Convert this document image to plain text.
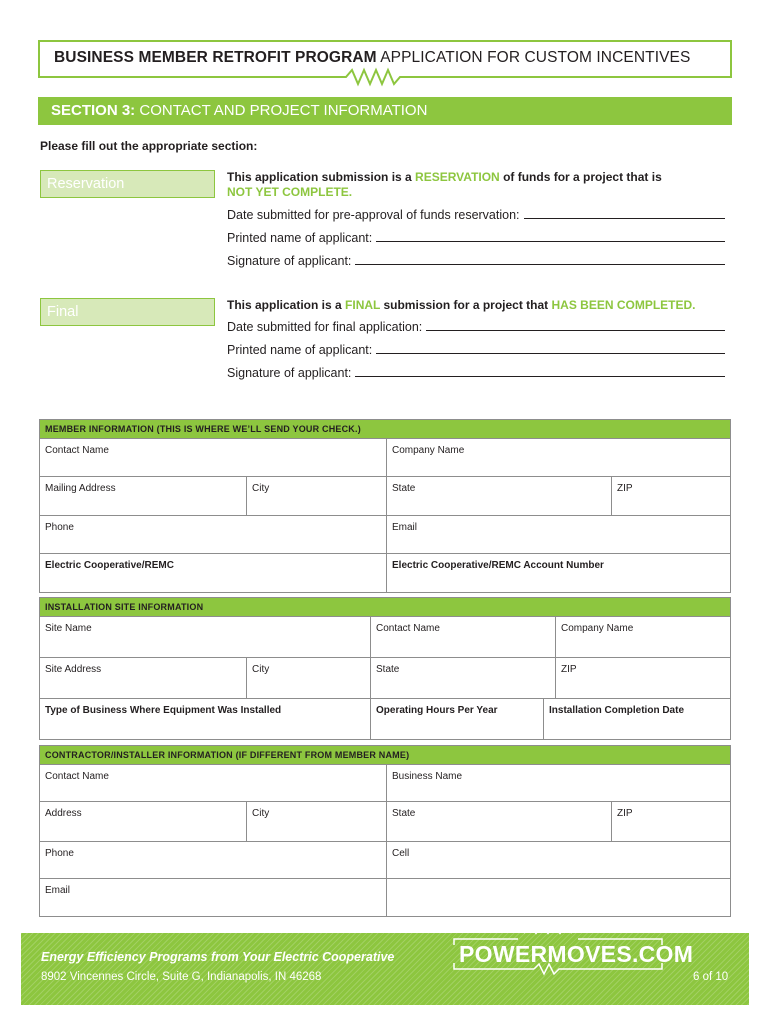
BUSINESS MEMBER RETROFIT PROGRAM APPLICATION FOR CUSTOM INCENTIVES
SECTION 3: CONTACT AND PROJECT INFORMATION
Please fill out the appropriate section:
Reservation	This application submission is a RESERVATION of funds for a project that is
NOT YET COMPLETE.
Date submitted for pre-approval of funds reservation:
Printed name of applicant:
Signature of applicant:
Final	This application is a FINAL submission for a project that HAS BEEN COMPLETED.
Date submitted for final application:
Printed name of applicant:
Signature of applicant:
MEMBER INFORMATION (THIS IS WHERE WE’LL SEND YOUR CHECK.)
Contact Name	Company Name
Mailing Address	City	State	ZIP
Phone	Email
Electric Cooperative/REMC	Electric Cooperative/REMC Account Number
INSTALLATION SITE INFORMATION
Site Name	Contact Name	Company Name
Site Address	City	State	ZIP
Type of Business Where Equipment Was Installed	Operating Hours Per Year	Installation Completion Date
CONTRACTOR/INSTALLER INFORMATION (IF DIFFERENT FROM MEMBER NAME)
Contact Name	Business Name
Address	City	State	ZIP
Phone	Cell
Email
Energy Efficiency Programs from Your Electric Cooperative
8902 Vincennes Circle, Suite G, Indianapolis, IN 46268
POWERMOVES.COM
6 of 10
